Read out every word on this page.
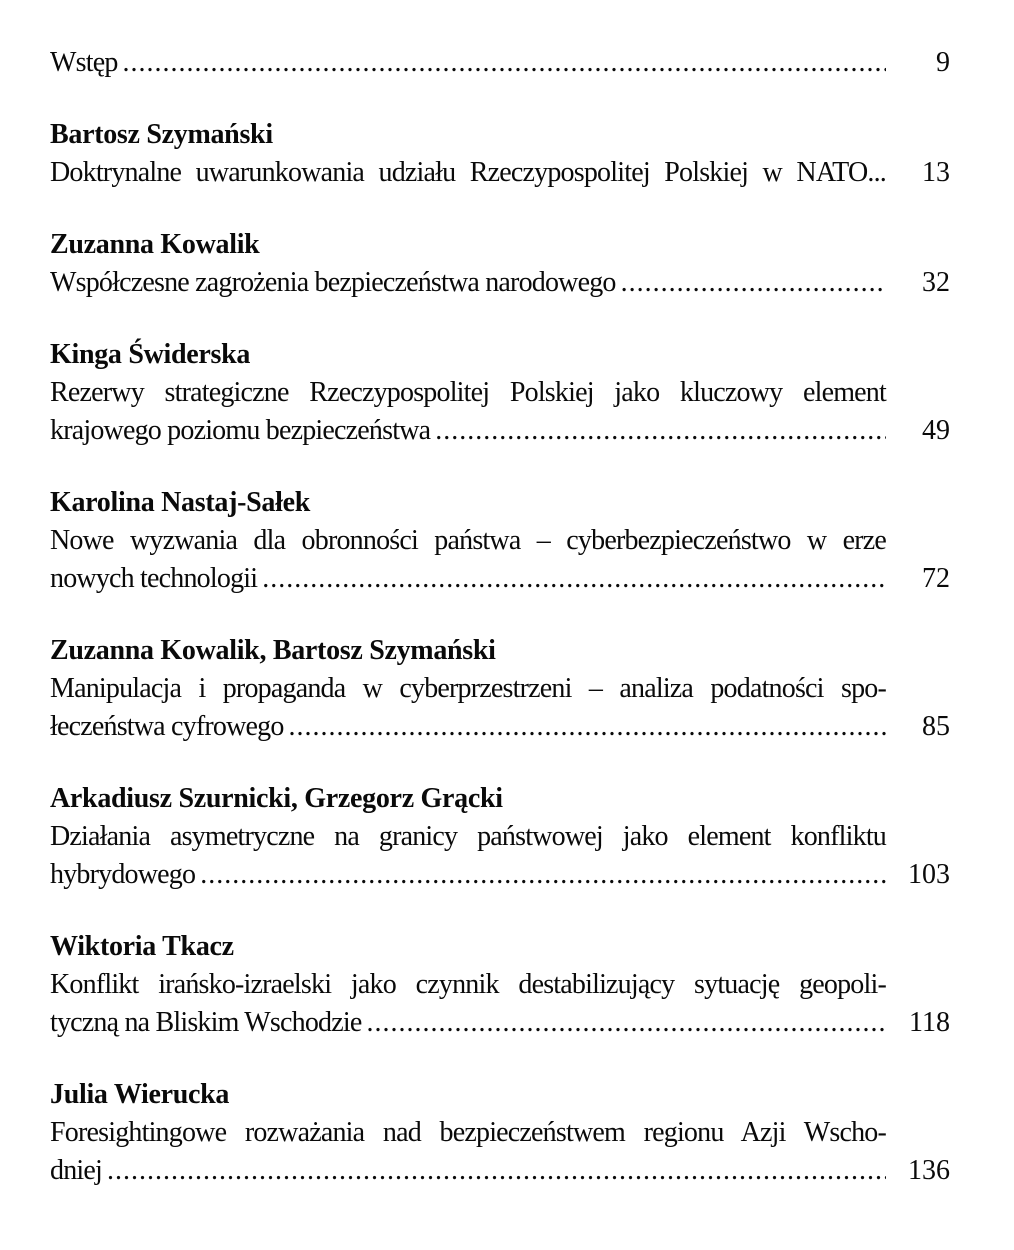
Wstęp .....	9
Bartosz Szymański
Doktrynalne uwarunkowania udziału Rzeczypospolitej Polskiej w NATO...	13
Zuzanna Kowalik
Współczesne zagrożenia bezpieczeństwa narodowego .....	32
Kinga Świderska
Rezerwy strategiczne Rzeczypospolitej Polskiej jako kluczowy element
krajowego poziomu bezpieczeństwa .....	49
Karolina Nastaj-Sałek
Nowe wyzwania dla obronności państwa – cyberbezpieczeństwo w erze
nowych technologii .....	72
Zuzanna Kowalik, Bartosz Szymański
Manipulacja i propaganda w cyberprzestrzeni – analiza podatności spo-
łeczeństwa cyfrowego .....	85
Arkadiusz Szurnicki, Grzegorz Grącki
Działania asymetryczne na granicy państwowej jako element konfliktu
hybrydowego .....	103
Wiktoria Tkacz
Konflikt irańsko-izraelski jako czynnik destabilizujący sytuację geopoli-
tyczną na Bliskim Wschodzie .....	118
Julia Wierucka
Foresightingowe rozważania nad bezpieczeństwem regionu Azji Wscho-
dniej .....	136
